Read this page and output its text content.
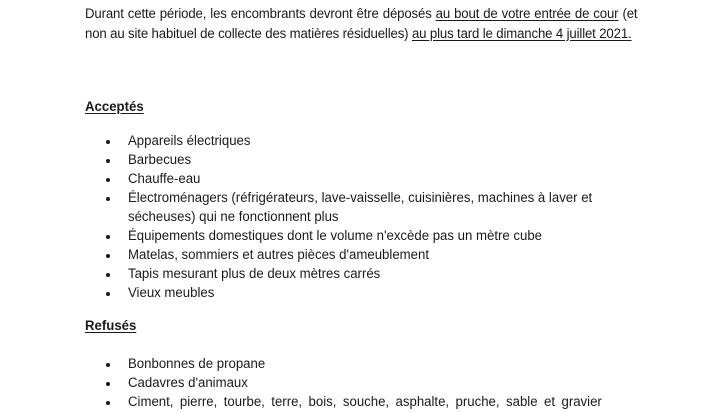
Durant cette période, les encombrants devront être déposés au bout de votre entrée de cour (et non au site habituel de collecte des matières résiduelles) au plus tard le dimanche 4 juillet 2021.

Acceptés
Appareils électriques
Barbecues
Chauffe-eau
Électroménagers (réfrigérateurs, lave-vaisselle, cuisinières, machines à laver et sécheuses) qui ne fonctionnent plus
Équipements domestiques dont le volume n'excède pas un mètre cube
Matelas, sommiers et autres pièces d'ameublement
Tapis mesurant plus de deux mètres carrés
Vieux meubles
Refusés
Bonbonnes de propane
Cadavres d'animaux
Ciment, pierre, tourbe, terre, bois, souche, asphalte, pruche, sable et gravier
